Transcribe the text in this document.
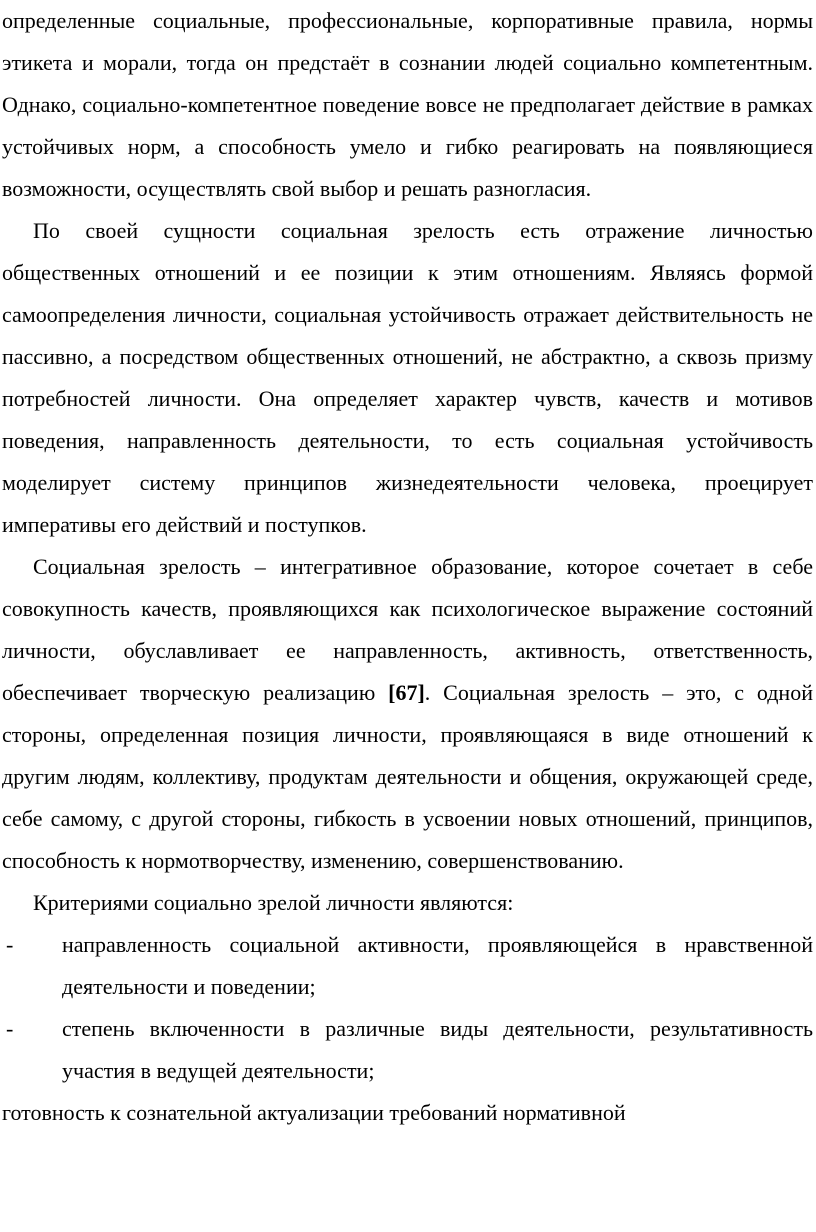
определенные социальные, профессиональные, корпоративные правила, нормы этикета и морали, тогда он предстаёт в сознании людей социально компетентным. Однако, социально-компетентное поведение вовсе не предполагает действие в рамках устойчивых норм, а способность умело и гибко реагировать на появляющиеся возможности, осуществлять свой выбор и решать разногласия.

По своей сущности социальная зрелость есть отражение личностью общественных отношений и ее позиции к этим отношениям. Являясь формой самоопределения личности, социальная устойчивость отражает действительность не пассивно, а посредством общественных отношений, не абстрактно, а сквозь призму потребностей личности. Она определяет характер чувств, качеств и мотивов поведения, направленность деятельности, то есть социальная устойчивость моделирует систему принципов жизнедеятельности человека, проецирует императивы его действий и поступков.

Социальная зрелость – интегративное образование, которое сочетает в себе совокупность качеств, проявляющихся как психологическое выражение состояний личности, обуславливает ее направленность, активность, ответственность, обеспечивает творческую реализацию [67]. Социальная зрелость – это, с одной стороны, определенная позиция личности, проявляющаяся в виде отношений к другим людям, коллективу, продуктам деятельности и общения, окружающей среде, себе самому, с другой стороны, гибкость в усвоении новых отношений, принципов, способность к нормотворчеству, изменению, совершенствованию.

Критериями социально зрелой личности являются:

- направленность социальной активности, проявляющейся в нравственной деятельности и поведении;
- степень включенности в различные виды деятельности, результативность участия в ведущей деятельности;

готовность к сознательной актуализации требований нормативной
